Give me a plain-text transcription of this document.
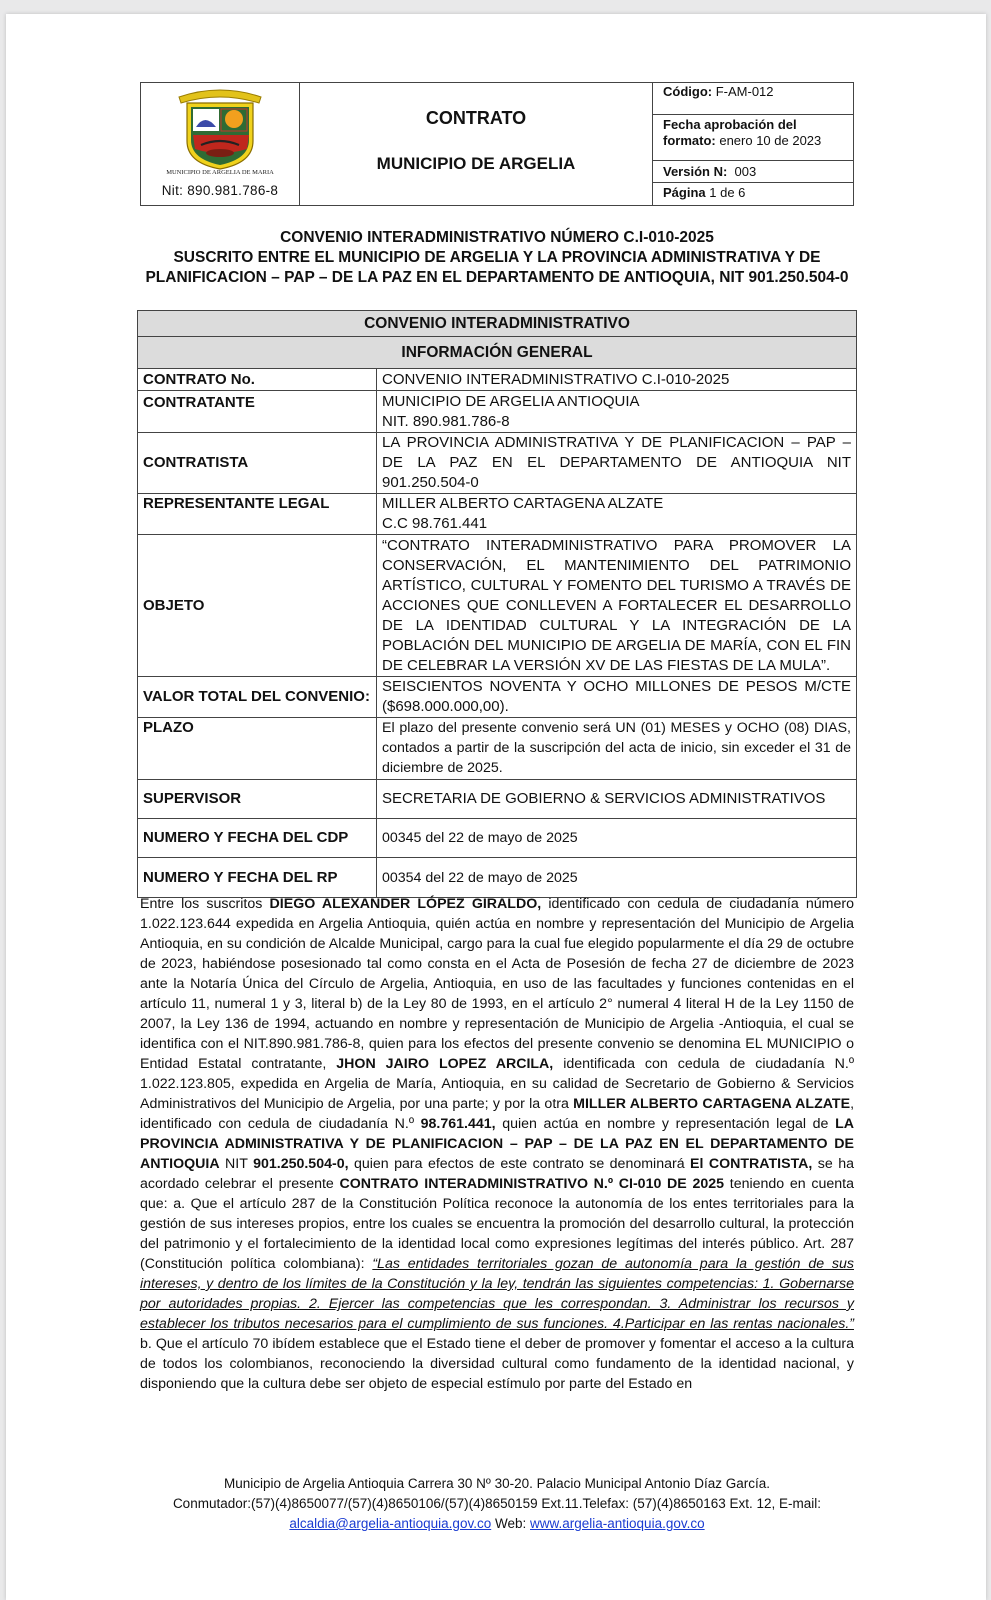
MUNICIPIO DE ARGELIA DE MARIA
Nit: 890.981.786-8
CONTRATO
MUNICIPIO DE ARGELIA
Código: F-AM-012
Fecha aprobación del formato: enero 10 de 2023
Versión N: 003
Página 1 de 6
CONVENIO INTERADMINISTRATIVO NÚMERO C.I-010-2025
SUSCRITO ENTRE EL MUNICIPIO DE ARGELIA Y LA PROVINCIA ADMINISTRATIVA Y DE
PLANIFICACION – PAP – DE LA PAZ EN EL DEPARTAMENTO DE ANTIOQUIA, NIT 901.250.504-0
CONVENIO INTERADMINISTRATIVO	
INFORMACIÓN GENERAL	
CONTRATO No.	CONVENIO INTERADMINISTRATIVO C.I-010-2025
CONTRATANTE	MUNICIPIO DE ARGELIA ANTIOQUIA
NIT. 890.981.786-8

CONTRATISTA	LA PROVINCIA ADMINISTRATIVA Y DE PLANIFICACION – PAP – DE LA PAZ EN EL DEPARTAMENTO DE ANTIOQUIA NIT 901.250.504-0
REPRESENTANTE LEGAL	MILLER ALBERTO CARTAGENA ALZATE
C.C 98.761.441

OBJETO	“CONTRATO INTERADMINISTRATIVO PARA PROMOVER LA CONSERVACIÓN, EL MANTENIMIENTO DEL PATRIMONIO ARTÍSTICO, CULTURAL Y FOMENTO DEL TURISMO A TRAVÉS DE ACCIONES QUE CONLLEVEN A FORTALECER EL DESARROLLO DE LA IDENTIDAD CULTURAL Y LA INTEGRACIÓN DE LA POBLACIÓN DEL MUNICIPIO DE ARGELIA DE MARÍA, CON EL FIN DE CELEBRAR LA VERSIÓN XV DE LAS FIESTAS DE LA MULA”.
VALOR TOTAL DEL CONVENIO:	SEISCIENTOS NOVENTA Y OCHO MILLONES DE PESOS M/CTE ($698.000.000,00).
PLAZO	El plazo del presente convenio será UN (01) MESES y OCHO (08) DIAS, contados a partir de la suscripción del acta de inicio, sin exceder el 31 de diciembre de 2025.
SUPERVISOR	SECRETARIA DE GOBIERNO & SERVICIOS ADMINISTRATIVOS
NUMERO Y FECHA DEL CDP	00345 del 22 de mayo de 2025
NUMERO Y FECHA DEL RP	00354 del 22 de mayo de 2025
Entre los suscritos DIEGO ALEXANDER LÓPEZ GIRALDO, identificado con cedula de ciudadanía número 1.022.123.644 expedida en Argelia Antioquia, quién actúa en nombre y representación del Municipio de Argelia Antioquia, en su condición de Alcalde Municipal, cargo para la cual fue elegido popularmente el día 29 de octubre de 2023, habiéndose posesionado tal como consta en el Acta de Posesión de fecha 27 de diciembre de 2023 ante la Notaría Única del Círculo de Argelia, Antioquia, en uso de las facultades y funciones contenidas en el artículo 11, numeral 1 y 3, literal b) de la Ley 80 de 1993, en el artículo 2° numeral 4 literal H de la Ley 1150 de 2007, la Ley 136 de 1994, actuando en nombre y representación de Municipio de Argelia -Antioquia, el cual se identifica con el NIT.890.981.786-8, quien para los efectos del presente convenio se denomina EL MUNICIPIO o Entidad Estatal contratante, JHON JAIRO LOPEZ ARCILA, identificada con cedula de ciudadanía N.º 1.022.123.805, expedida en Argelia de María, Antioquia, en su calidad de Secretario de Gobierno & Servicios Administrativos del Municipio de Argelia, por una parte; y por la otra MILLER ALBERTO CARTAGENA ALZATE, identificado con cedula de ciudadanía N.º 98.761.441, quien actúa en nombre y representación legal de LA PROVINCIA ADMINISTRATIVA Y DE PLANIFICACION – PAP – DE LA PAZ EN EL DEPARTAMENTO DE ANTIOQUIA NIT 901.250.504-0, quien para efectos de este contrato se denominará El CONTRATISTA, se ha acordado celebrar el presente CONTRATO INTERADMINISTRATIVO N.º CI-010 DE 2025 teniendo en cuenta que: a. Que el artículo 287 de la Constitución Política reconoce la autonomía de los entes territoriales para la gestión de sus intereses propios, entre los cuales se encuentra la promoción del desarrollo cultural, la protección del patrimonio y el fortalecimiento de la identidad local como expresiones legítimas del interés público. Art. 287 (Constitución política colombiana): “Las entidades territoriales gozan de autonomía para la gestión de sus intereses, y dentro de los límites de la Constitución y la ley, tendrán las siguientes competencias: 1. Gobernarse por autoridades propias. 2. Ejercer las competencias que les correspondan. 3. Administrar los recursos y establecer los tributos necesarios para el cumplimiento de sus funciones. 4.Participar en las rentas nacionales.” b. Que el artículo 70 ibídem establece que el Estado tiene el deber de promover y fomentar el acceso a la cultura de todos los colombianos, reconociendo la diversidad cultural como fundamento de la identidad nacional, y disponiendo que la cultura debe ser objeto de especial estímulo por parte del Estado en
Municipio de Argelia Antioquia Carrera 30 Nº 30-20. Palacio Municipal Antonio Díaz García.
Conmutador:(57)(4)8650077/(57)(4)8650106/(57)(4)8650159 Ext.11.Telefax: (57)(4)8650163 Ext. 12, E-mail:
alcaldia@argelia-antioquia.gov.co Web: www.argelia-antioquia.gov.co
